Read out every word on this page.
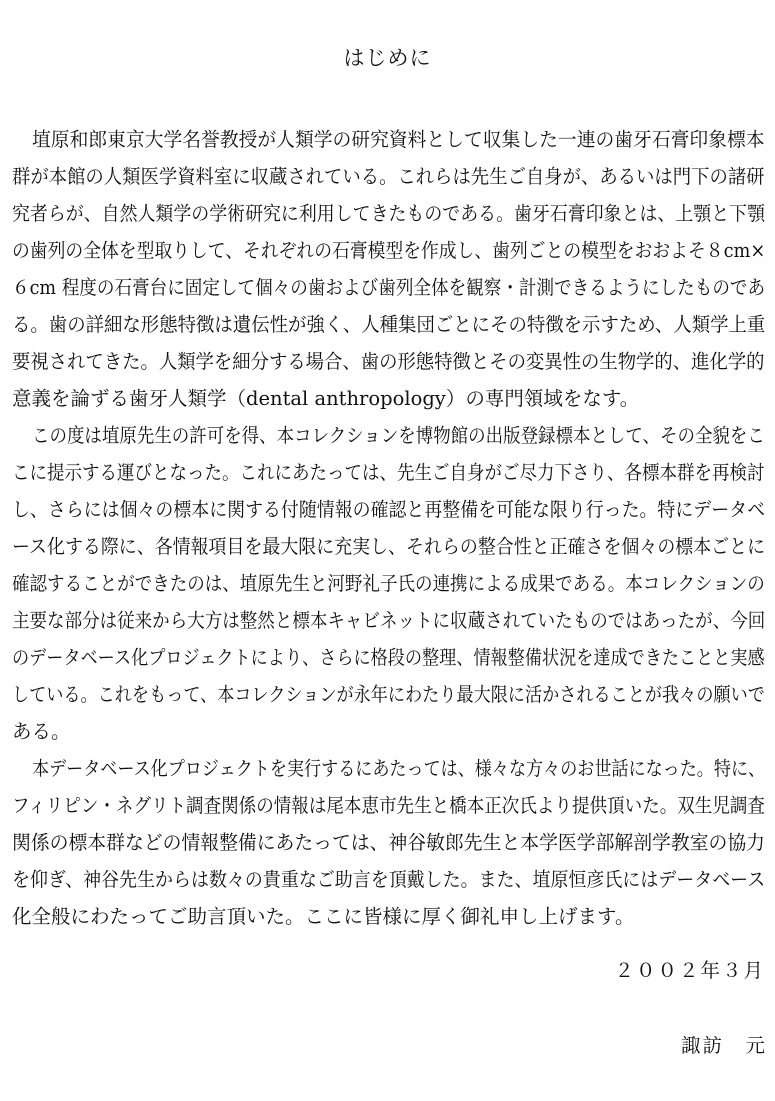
はじめに
埴原和郎東京大学名誉教授が人類学の研究資料として収集した一連の歯牙石膏印象標本
群が本館の人類医学資料室に収蔵されている。これらは先生ご自身が、あるいは門下の諸研
究者らが、自然人類学の学術研究に利用してきたものである。歯牙石膏印象とは、上顎と下顎
の歯列の全体を型取りして、それぞれの石膏模型を作成し、歯列ごとの模型をおおよそ８cm×
６cm 程度の石膏台に固定して個々の歯および歯列全体を観察・計測できるようにしたものであ
る。歯の詳細な形態特徴は遺伝性が強く、人種集団ごとにその特徴を示すため、人類学上重
要視されてきた。人類学を細分する場合、歯の形態特徴とその変異性の生物学的、進化学的
意義を論ずる歯牙人類学（dental anthropology）の専門領域をなす。
この度は埴原先生の許可を得、本コレクションを博物館の出版登録標本として、その全貌をこ
こに提示する運びとなった。これにあたっては、先生ご自身がご尽力下さり、各標本群を再検討
し、さらには個々の標本に関する付随情報の確認と再整備を可能な限り行った。特にデータベ
ース化する際に、各情報項目を最大限に充実し、それらの整合性と正確さを個々の標本ごとに
確認することができたのは、埴原先生と河野礼子氏の連携による成果である。本コレクションの
主要な部分は従来から大方は整然と標本キャビネットに収蔵されていたものではあったが、今回
のデータベース化プロジェクトにより、さらに格段の整理、情報整備状況を達成できたことと実感
している。これをもって、本コレクションが永年にわたり最大限に活かされることが我々の願いで
ある。
本データベース化プロジェクトを実行するにあたっては、様々な方々のお世話になった。特に、
フィリピン・ネグリト調査関係の情報は尾本恵市先生と橋本正次氏より提供頂いた。双生児調査
関係の標本群などの情報整備にあたっては、神谷敏郎先生と本学医学部解剖学教室の協力
を仰ぎ、神谷先生からは数々の貴重なご助言を頂戴した。また、埴原恒彦氏にはデータベース
化全般にわたってご助言頂いた。ここに皆様に厚く御礼申し上げます。
２００２年３月
諏訪　元
